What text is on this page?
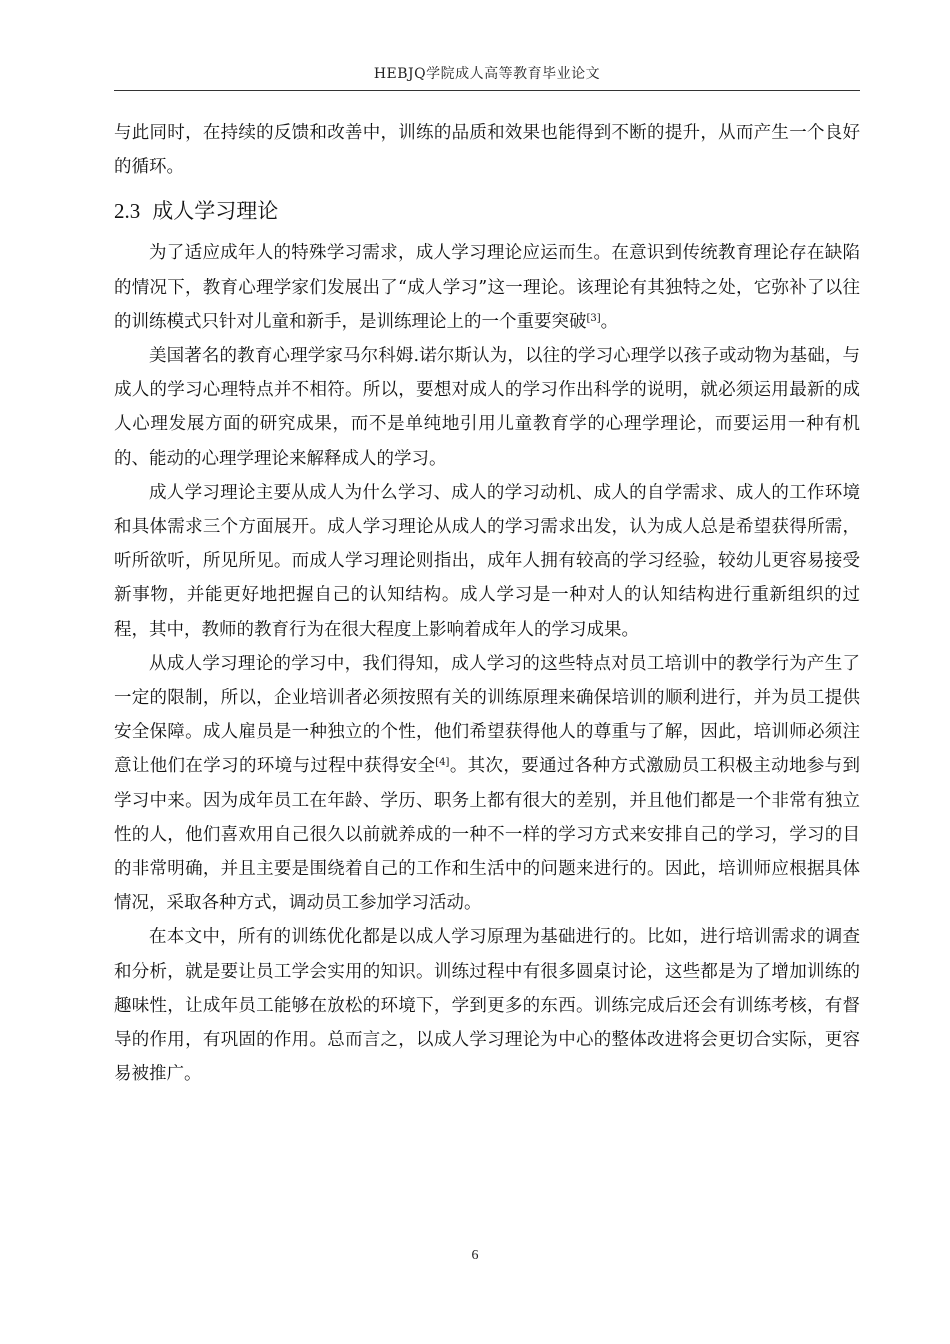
HEBJQ学院成人高等教育毕业论文

与此同时，在持续的反馈和改善中，训练的品质和效果也能得到不断的提升，从而产生一个良好的循环。

2.3 成人学习理论

为了适应成年人的特殊学习需求，成人学习理论应运而生。在意识到传统教育理论存在缺陷的情况下，教育心理学家们发展出了“成人学习”这一理论。该理论有其独特之处，它弥补了以往的训练模式只针对儿童和新手，是训练理论上的一个重要突破[3]。

美国著名的教育心理学家马尔科姆.诺尔斯认为，以往的学习心理学以孩子或动物为基础，与成人的学习心理特点并不相符。所以，要想对成人的学习作出科学的说明，就必须运用最新的成人心理发展方面的研究成果，而不是单纯地引用儿童教育学的心理学理论，而要运用一种有机的、能动的心理学理论来解释成人的学习。

成人学习理论主要从成人为什么学习、成人的学习动机、成人的自学需求、成人的工作环境和具体需求三个方面展开。成人学习理论从成人的学习需求出发，认为成人总是希望获得所需，听所欲听，所见所见。而成人学习理论则指出，成年人拥有较高的学习经验，较幼儿更容易接受新事物，并能更好地把握自己的认知结构。成人学习是一种对人的认知结构进行重新组织的过程，其中，教师的教育行为在很大程度上影响着成年人的学习成果。

从成人学习理论的学习中，我们得知，成人学习的这些特点对员工培训中的教学行为产生了一定的限制，所以，企业培训者必须按照有关的训练原理来确保培训的顺利进行，并为员工提供安全保障。成人雇员是一种独立的个性，他们希望获得他人的尊重与了解，因此，培训师必须注意让他们在学习的环境与过程中获得安全[4]。其次，要通过各种方式激励员工积极主动地参与到学习中来。因为成年员工在年龄、学历、职务上都有很大的差别，并且他们都是一个非常有独立性的人，他们喜欢用自己很久以前就养成的一种不一样的学习方式来安排自己的学习，学习的目的非常明确，并且主要是围绕着自己的工作和生活中的问题来进行的。因此，培训师应根据具体情况，采取各种方式，调动员工参加学习活动。

在本文中，所有的训练优化都是以成人学习原理为基础进行的。比如，进行培训需求的调查和分析，就是要让员工学会实用的知识。训练过程中有很多圆桌讨论，这些都是为了增加训练的趣味性，让成年员工能够在放松的环境下，学到更多的东西。训练完成后还会有训练考核，有督导的作用，有巩固的作用。总而言之，以成人学习理论为中心的整体改进将会更切合实际，更容易被推广。

6
